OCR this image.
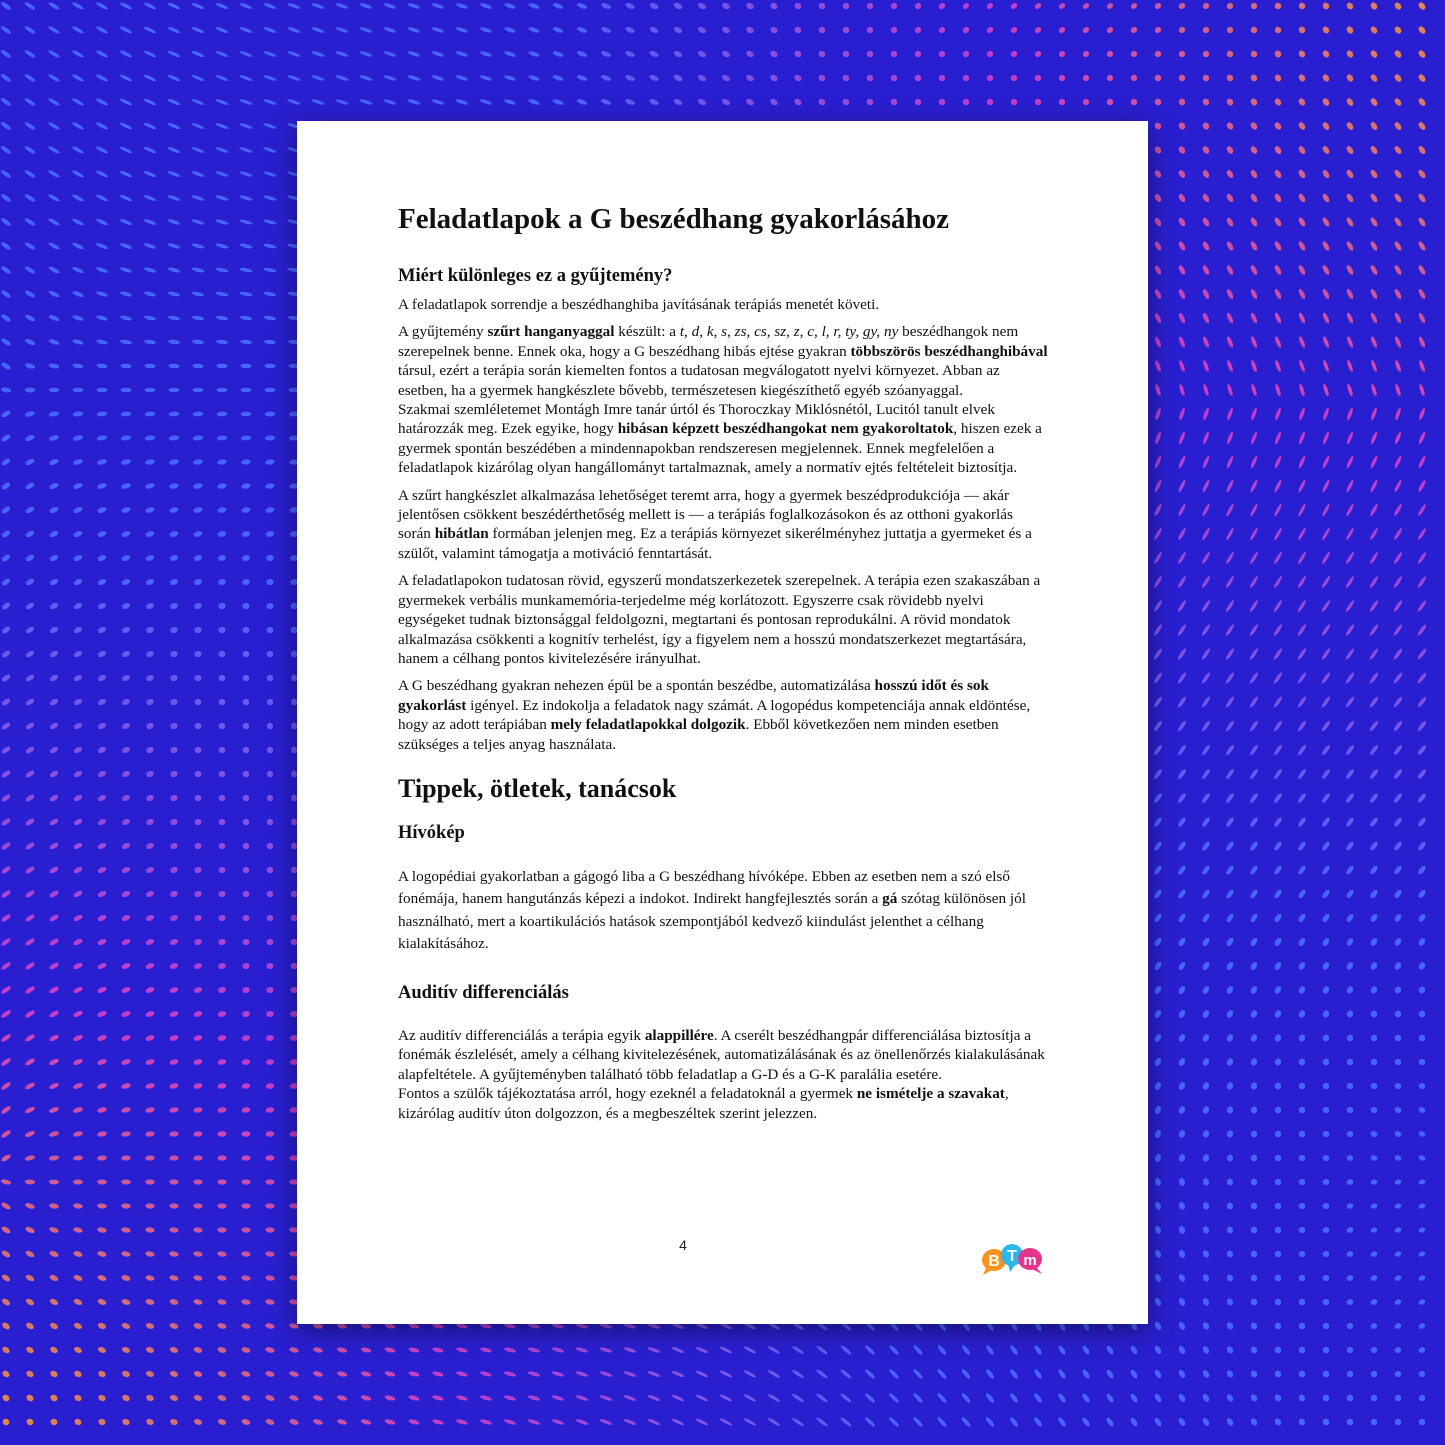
Feladatlapok a G beszédhang gyakorlásához
Miért különleges ez a gyűjtemény?

A feladatlapok sorrendje a beszédhanghiba javításának terápiás menetét követi.

A gyűjtemény szűrt hanganyaggal készült: a t, d, k, s, zs, cs, sz, z, c, l, r, ty, gy, ny beszédhangok nem szerepelnek benne. Ennek oka, hogy a G beszédhang hibás ejtése gyakran többszörös beszédhanghibával társul, ezért a terápia során kiemelten fontos a tudatosan megválogatott nyelvi környezet. Abban az esetben, ha a gyermek hangkészlete bővebb, természetesen kiegészíthető egyéb szóanyaggal.

Szakmai szemléletemet Montágh Imre tanár úrtól és Thoroczkay Miklósnétól, Lucitól tanult elvek határozzák meg. Ezek egyike, hogy hibásan képzett beszédhangokat nem gyakoroltatok, hiszen ezek a gyermek spontán beszédében a mindennapokban rendszeresen megjelennek. Ennek megfelelően a feladatlapok kizárólag olyan hangállományt tartalmaznak, amely a normatív ejtés feltételeit biztosítja.

A szűrt hangkészlet alkalmazása lehetőséget teremt arra, hogy a gyermek beszédprodukciója — akár jelentősen csökkent beszédérthetőség mellett is — a terápiás foglalkozásokon és az otthoni gyakorlás során hibátlan formában jelenjen meg. Ez a terápiás környezet sikerélményhez juttatja a gyermeket és a szülőt, valamint támogatja a motiváció fenntartását.

A feladatlapokon tudatosan rövid, egyszerű mondatszerkezetek szerepelnek. A terápia ezen szakaszában a gyermekek verbális munkamemória-terjedelme még korlátozott. Egyszerre csak rövidebb nyelvi egységeket tudnak biztonsággal feldolgozni, megtartani és pontosan reprodukálni. A rövid mondatok alkalmazása csökkenti a kognitív terhelést, így a figyelem nem a hosszú mondatszerkezet megtartására, hanem a célhang pontos kivitelezésére irányulhat.

A G beszédhang gyakran nehezen épül be a spontán beszédbe, automatizálása hosszú időt és sok gyakorlást igényel. Ez indokolja a feladatok nagy számát. A logopédus kompetenciája annak eldöntése, hogy az adott terápiában mely feladatlapokkal dolgozik. Ebből következően nem minden esetben szükséges a teljes anyag használata.

Tippek, ötletek, tanácsok
Hívókép

A logopédiai gyakorlatban a gágogó liba a G beszédhang hívóképe. Ebben az esetben nem a szó első fonémája, hanem hangutánzás képezi a indokot. Indirekt hangfejlesztés során a gá szótag különösen jól használható, mert a koartikulációs hatások szempontjából kedvező kiindulást jelenthet a célhang kialakításához.

Auditív differenciálás

Az auditív differenciálás a terápia egyik alappillére. A cserélt beszédhangpár differenciálása biztosítja a fonémák észlelését, amely a célhang kivitelezésének, automatizálásának és az önellenőrzés kialakulásának alapfeltétele. A gyűjteményben található több feladatlap a G-D és a G-K paralália esetére.

Fontos a szülők tájékoztatása arról, hogy ezeknél a feladatoknál a gyermek ne ismételje a szavakat, kizárólag auditív úton dolgozzon, és a megbeszéltek szerint jelezzen.

4
B T m
